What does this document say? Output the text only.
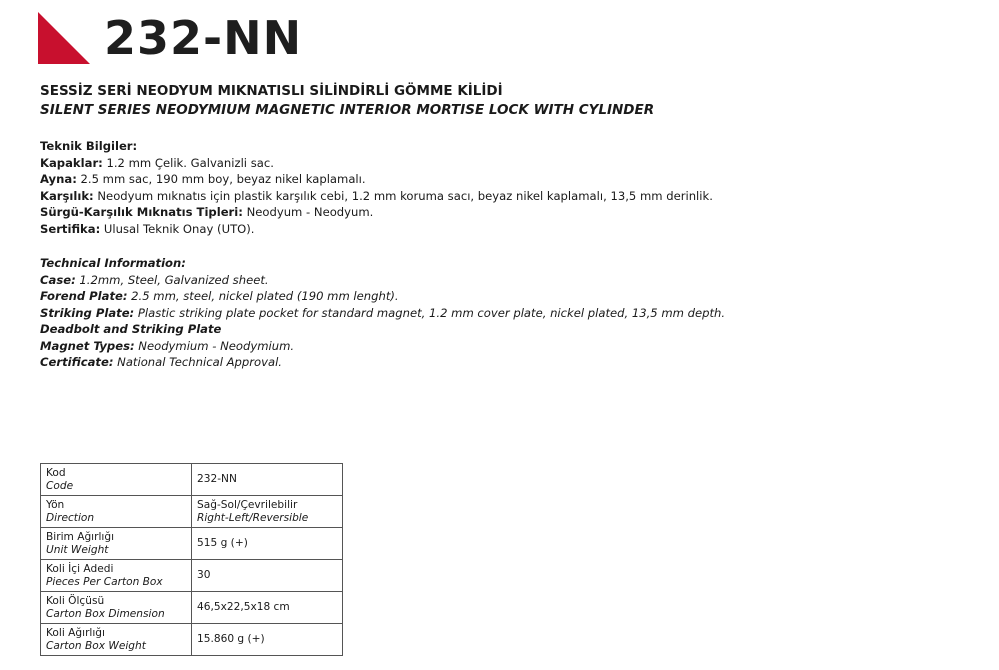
232-NN
SESSİZ SERİ NEODYUM MIKNATISLI SİLİNDİRLİ GÖMME KİLİDİ
SILENT SERIES NEODYMIUM MAGNETIC INTERIOR MORTISE LOCK WITH CYLINDER
Teknik Bilgiler:
Kapaklar: 1.2 mm Çelik. Galvanizli sac.
Ayna: 2.5 mm sac, 190 mm boy, beyaz nikel kaplamalı.
Karşılık: Neodyum mıknatıs için plastik karşılık cebi, 1.2 mm koruma sacı, beyaz nikel kaplamalı, 13,5 mm derinlik.
Sürgü-Karşılık Mıknatıs Tipleri: Neodyum - Neodyum.
Sertifika: Ulusal Teknik Onay (UTO).
Technical Information:
Case: 1.2mm, Steel, Galvanized sheet.
Forend Plate: 2.5 mm, steel, nickel plated (190 mm lenght).
Striking Plate: Plastic striking plate pocket for standard magnet, 1.2 mm cover plate, nickel plated, 13,5 mm depth.
Deadbolt and Striking Plate
Magnet Types: Neodymium - Neodymium.
Certificate: National Technical Approval.
Kod
Code	232-NN

Yön
Direction	Sağ-Sol/Çevrilebilir
Right-Left/Reversible

Birim Ağırlığı
Unit Weight	515 g (+)

Koli İçi Adedi
Pieces Per Carton Box	30

Koli Ölçüsü
Carton Box Dimension	46,5x22,5x18 cm

Koli Ağırlığı
Carton Box Weight	15.860 g (+)
